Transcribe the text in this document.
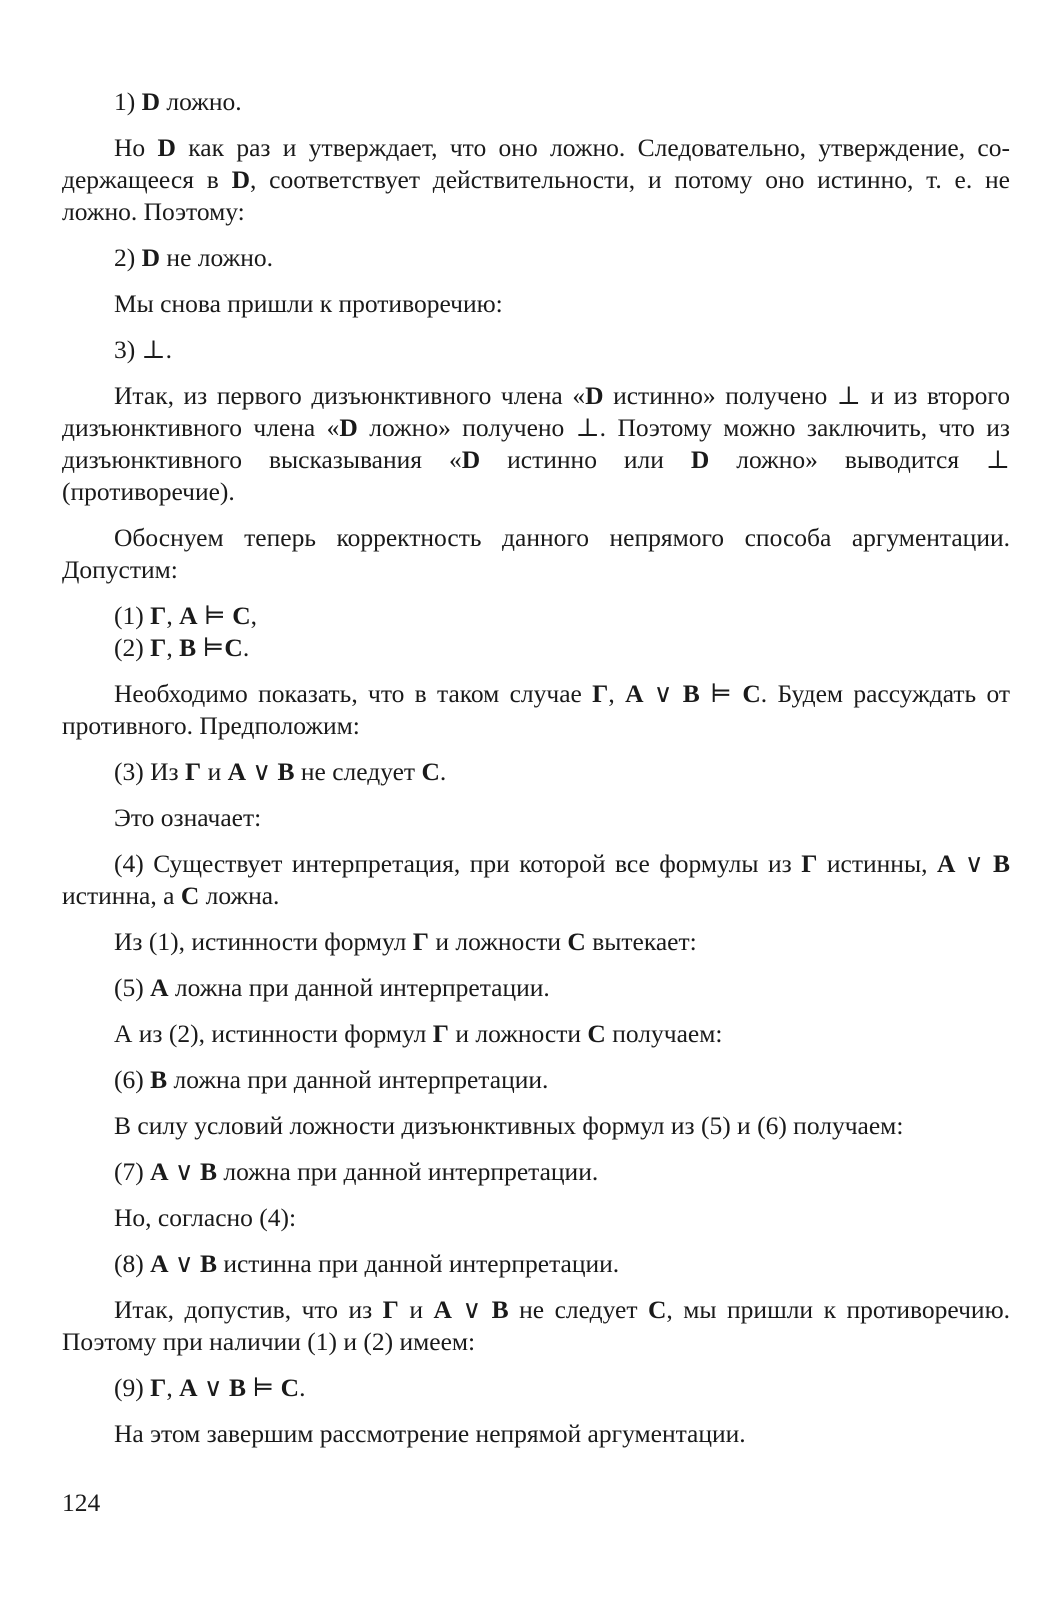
1) D ложно.

Но D как раз и утверждает, что оно ложно. Следовательно, утверждение, содержащееся в D, соответствует действительности, и потому оно истинно, т. е. не ложно. Поэтому:

2) D не ложно.

Мы снова пришли к противоречию:

3) ⊥.

Итак, из первого дизъюнктивного члена «D истинно» получено ⊥ и из второго дизъюнктивного члена «D ложно» получено ⊥. Поэтому можно заключить, что из дизъюнктивного высказывания «D истинно или D ложно» выводится ⊥ (противоречие).

Обоснуем теперь корректность данного непрямого способа аргументации. Допустим:

(1) Г, A ⊨ C,

(2) Г, B ⊨C.

Необходимо показать, что в таком случае Г, A ∨ B ⊨ C. Будем рассуждать от противного. Предположим:

(3) Из Г и A ∨ B не следует C.

Это означает:

(4) Существует интерпретация, при которой все формулы из Г истинны, A ∨ B истинна, а C ложна.

Из (1), истинности формул Г и ложности C вытекает:

(5) A ложна при данной интерпретации.

А из (2), истинности формул Г и ложности C получаем:

(6) B ложна при данной интерпретации.

В силу условий ложности дизъюнктивных формул из (5) и (6) получаем:

(7) A ∨ B ложна при данной интерпретации.

Но, согласно (4):

(8) A ∨ B истинна при данной интерпретации.

Итак, допустив, что из Г и A ∨ B не следует C, мы пришли к противоречию. Поэтому при наличии (1) и (2) имеем:

(9) Г, A ∨ B ⊨ C.

На этом завершим рассмотрение непрямой аргументации.

124
